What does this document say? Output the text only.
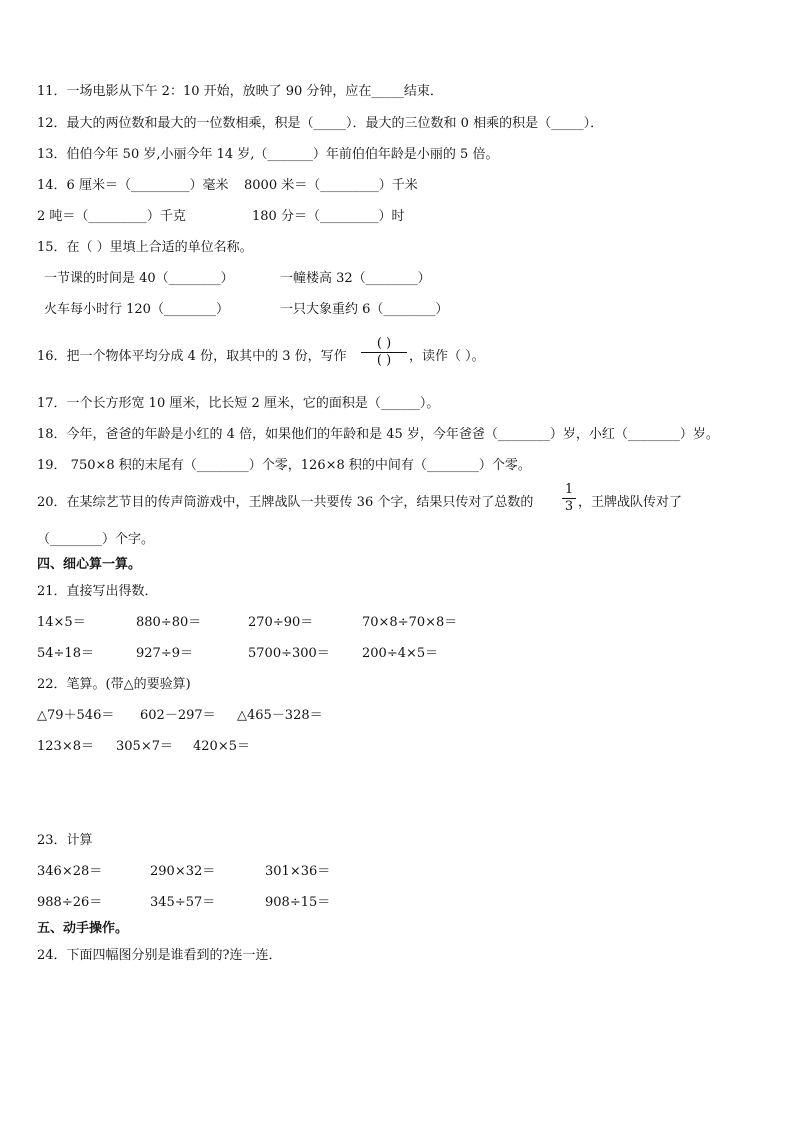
11．一场电影从下午 2：10 开始，放映了 90 分钟，应在_____结束．
12．最大的两位数和最大的一位数相乘，积是（_____）．最大的三位数和 0 相乘的积是（_____）．
13．伯伯今年 50 岁,小丽今年 14 岁,（_______）年前伯伯年龄是小丽的 5 倍。
14．6 厘米＝（_________）毫米 8000 米＝（_________）千米
2 吨＝（_________）千克	180 分＝（_________）时
15．在（ ）里填上合适的单位名称。
一节课的时间是 40（________）	一幢楼高 32（________）
火车每小时行 120（________）	一只大象重约 6（________）
16．把一个物体平均分成 4 份，取其中的 3 份，写作
( )
( )	，读作（ ）。
17．一个长方形宽 10 厘米，比长短 2 厘米，它的面积是（______）。
18．今年，爸爸的年龄是小红的 4 倍，如果他们的年龄和是 45 岁，今年爸爸（________）岁，小红（________）岁。
19． 750×8 积的末尾有（________）个零，126×8 积的中间有（________）个零。
20．在某综艺节目的传声筒游戏中，王牌战队一共要传 36 个字，结果只传对了总数的
1
3 ，王牌战队传对了
（________）个字。
四、细心算一算。
21．直接写出得数．
14×5＝	880÷80＝	270÷90＝	70×8÷70×8＝
54÷18＝	927÷9＝	5700÷300＝ 200÷4×5＝
22．笔算。(带△的要验算)
△79＋546＝ 602－297＝ △465－328＝
123×8＝ 305×7＝ 420×5＝
23．计算
346×28＝	290×32＝	301×36＝
988÷26＝	345÷57＝	908÷15＝
五、动手操作。
24．下面四幅图分别是谁看到的?连一连．
